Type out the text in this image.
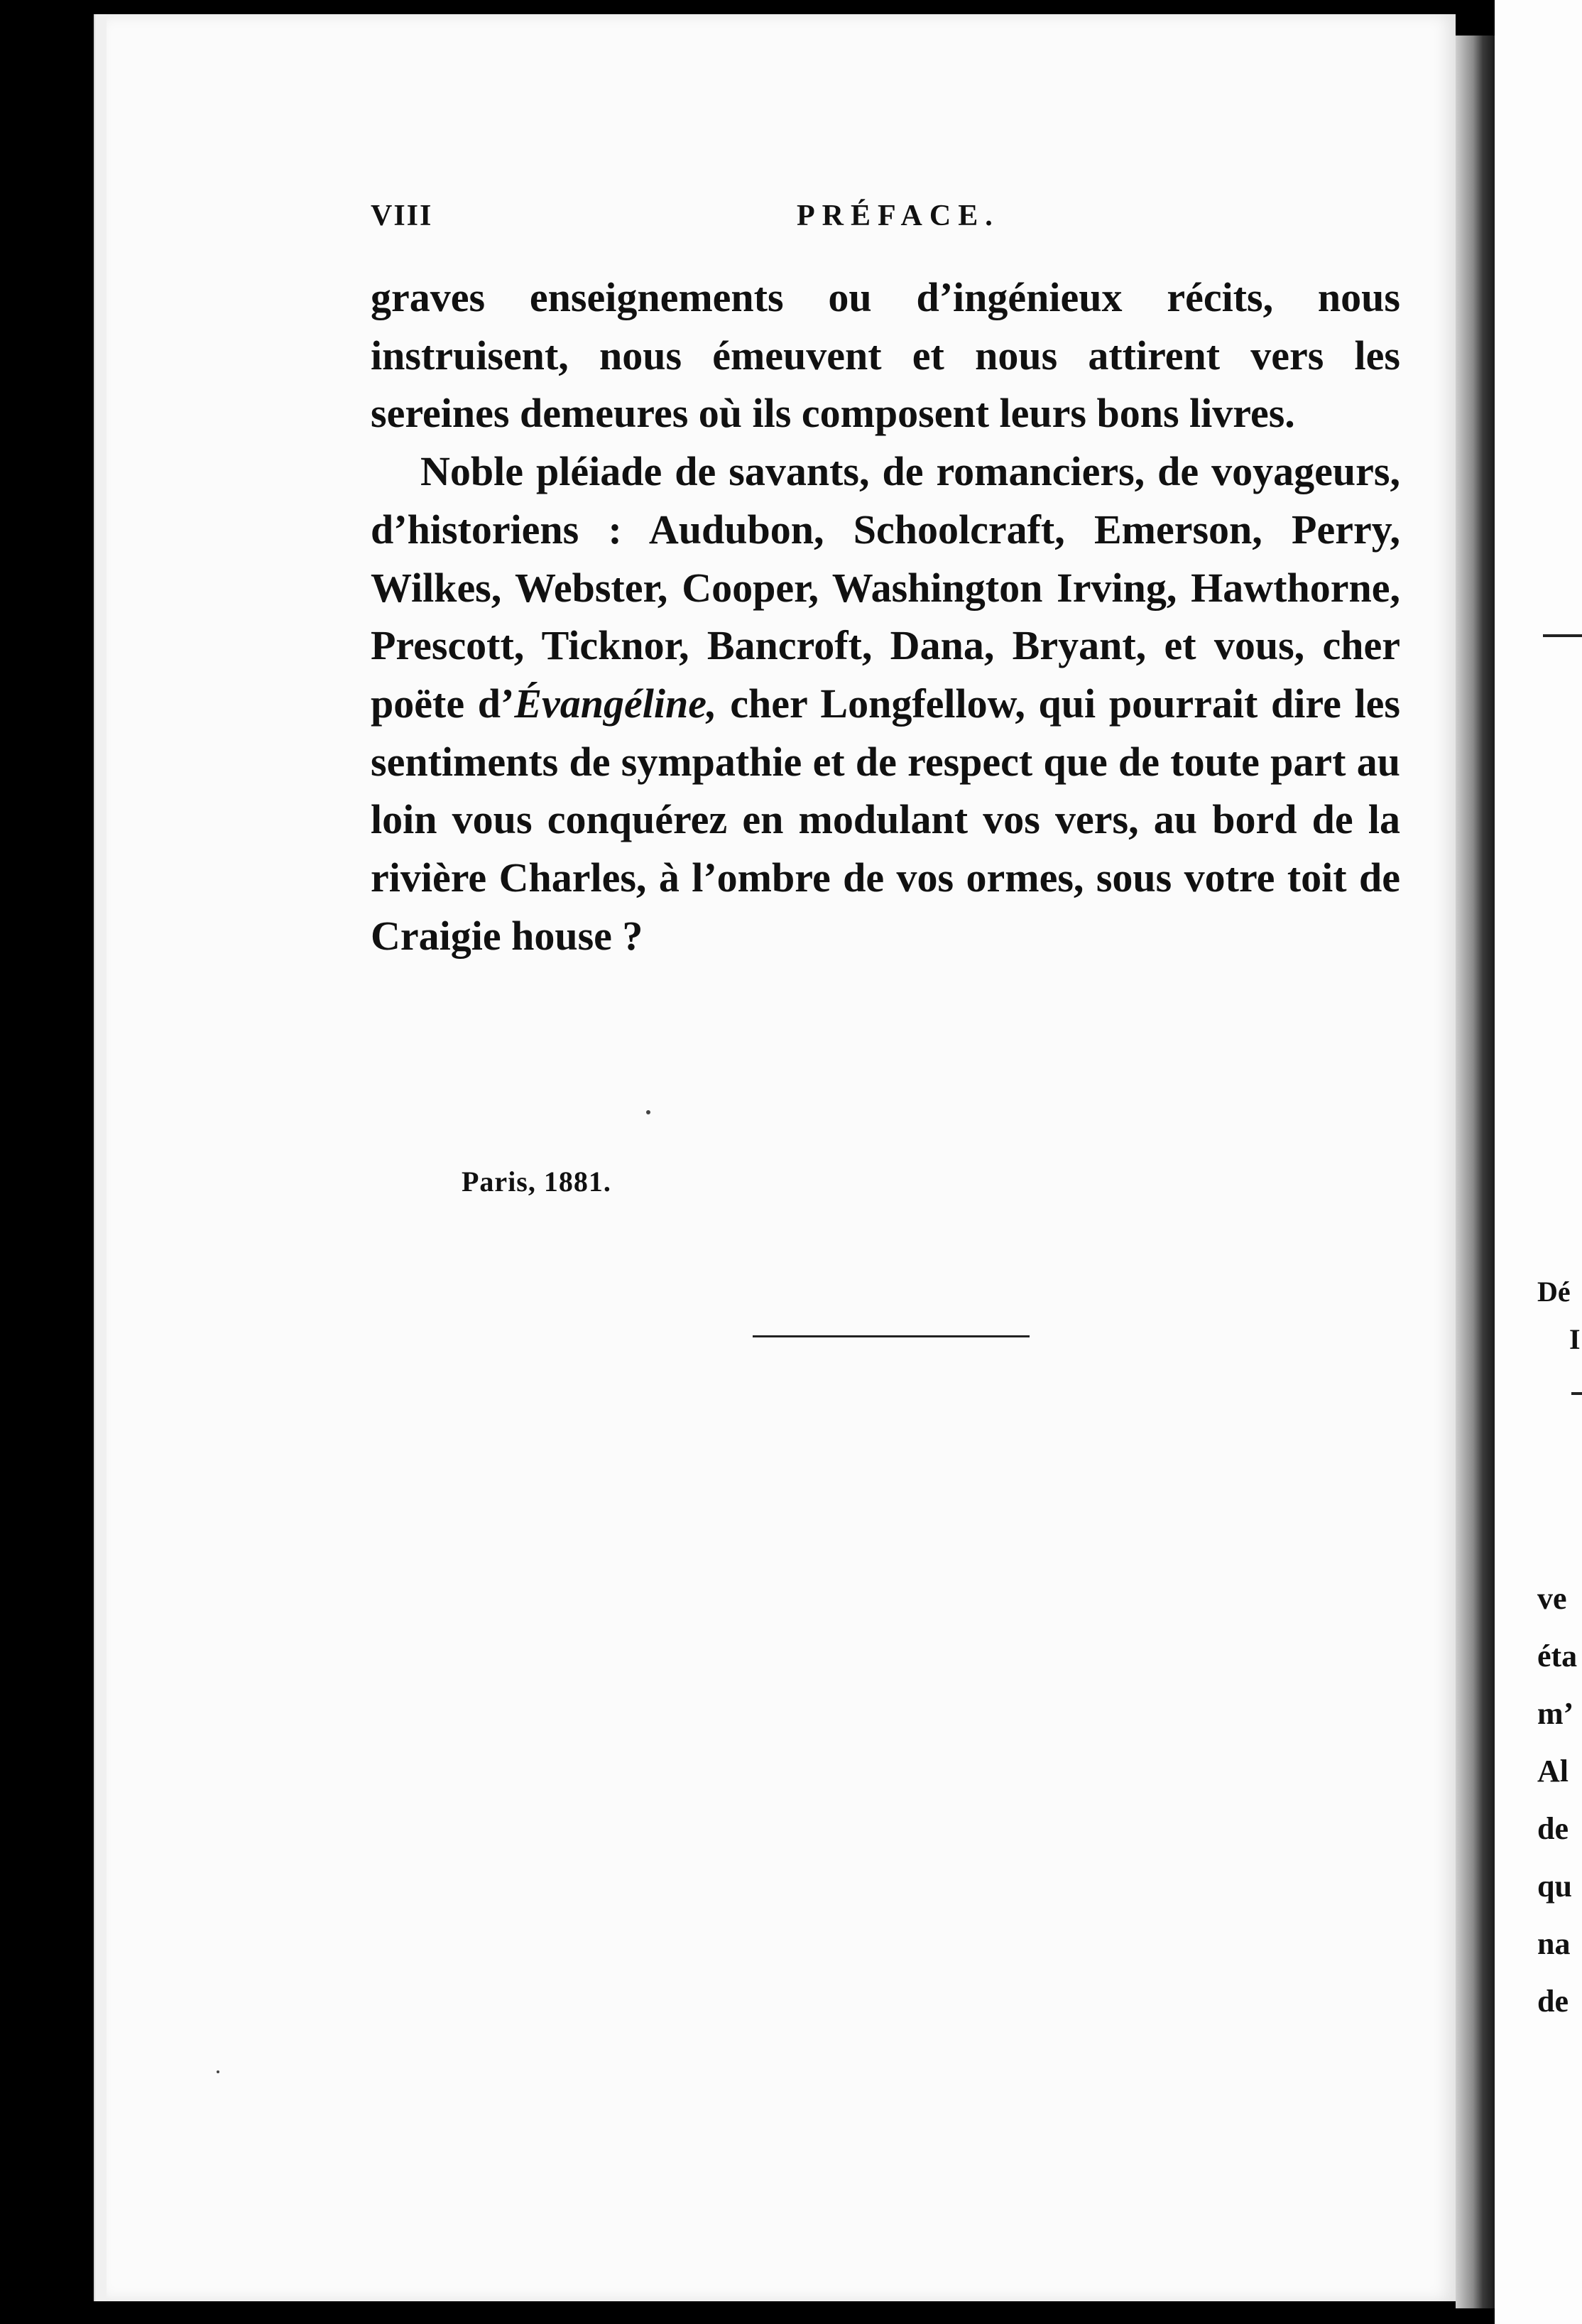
Dé
I
ve
éta
m’
Al
de
qu
na
de
VIII	PRÉFACE.

graves enseignements ou d’ingénieux récits, nous instruisent, nous émeuvent et nous attirent vers les sereines demeures où ils composent leurs bons livres.

Noble pléiade de savants, de romanciers, de voyageurs, d’historiens : Audubon, Schoolcraft, Emerson, Perry, Wilkes, Webster, Cooper, Washington Irving, Hawthorne, Prescott, Ticknor, Bancroft, Dana, Bryant, et vous, cher poëte d’Évangéline, cher Longfellow, qui pourrait dire les sentiments de sympathie et de respect que de toute part au loin vous conquérez en modulant vos vers, au bord de la rivière Charles, à l’ombre de vos ormes, sous votre toit de Craigie house ?

Paris, 1881.
